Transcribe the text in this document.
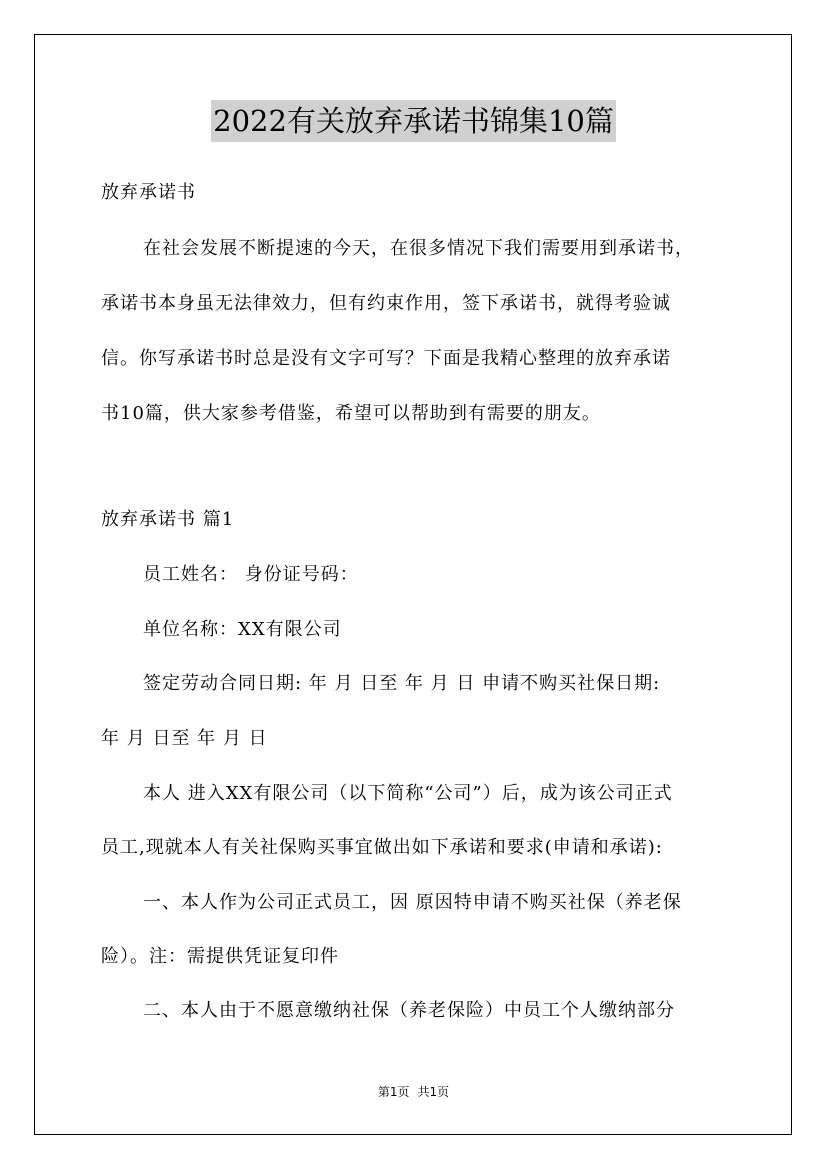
2022有关放弃承诺书锦集10篇
放弃承诺书
在社会发展不断提速的今天，在很多情况下我们需要用到承诺书，
承诺书本身虽无法律效力，但有约束作用，签下承诺书，就得考验诚
信。你写承诺书时总是没有文字可写？下面是我精心整理的放弃承诺
书10篇，供大家参考借鉴，希望可以帮助到有需要的朋友。
放弃承诺书 篇1
员工姓名： 身份证号码：
单位名称：XX有限公司
签定劳动合同日期: 年 月 日至 年 月 日 申请不购买社保日期:
年 月 日至 年 月 日
本人 进入XX有限公司（以下简称“公司”）后，成为该公司正式
员工,现就本人有关社保购买事宜做出如下承诺和要求(申请和承诺):
一、本人作为公司正式员工，因 原因特申请不购买社保（养老保
险）。注：需提供凭证复印件
二、本人由于不愿意缴纳社保（养老保险）中员工个人缴纳部分
第1页 共1页
